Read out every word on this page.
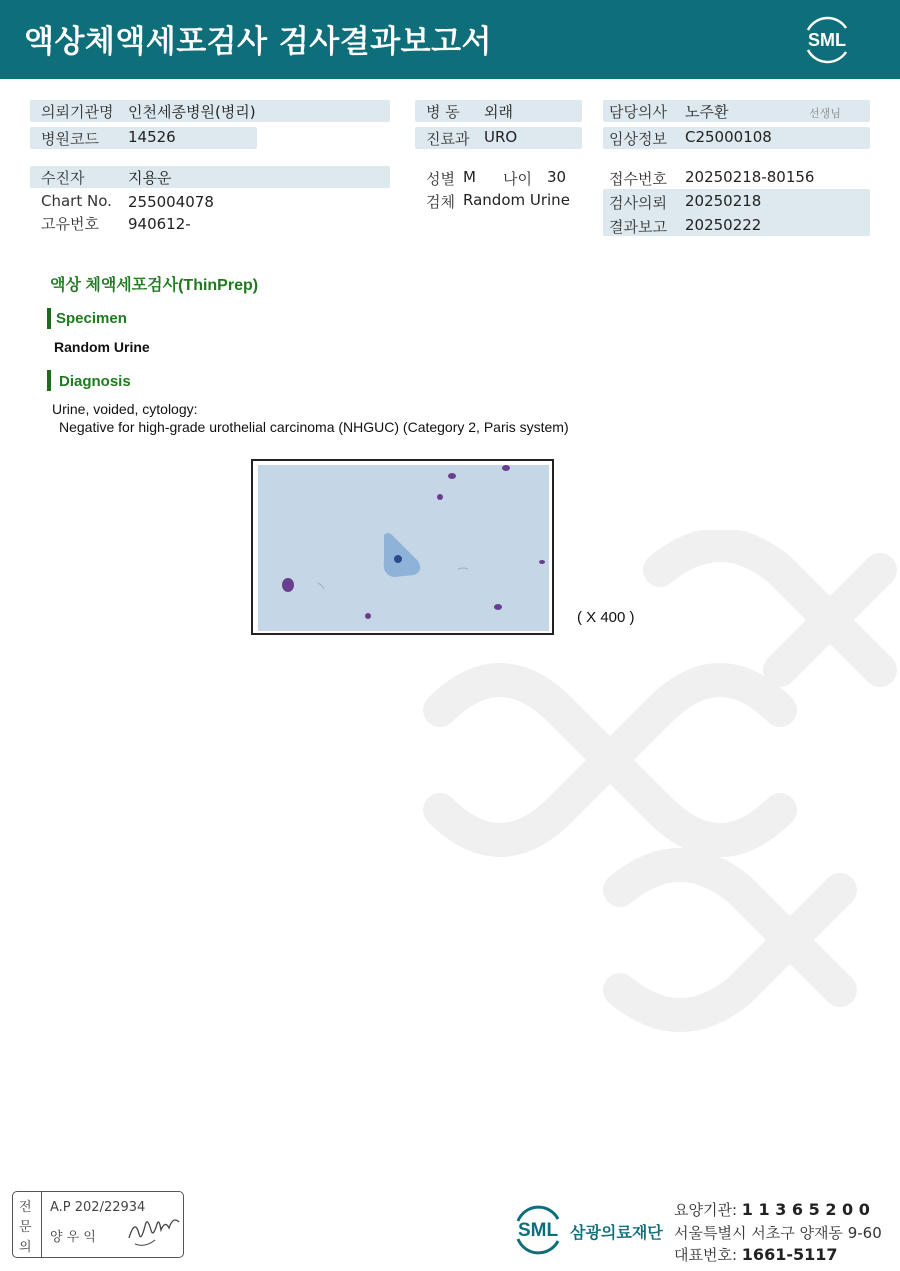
액상체액세포검사 검사결과보고서	SML
의뢰기관명 인천세종병원(병리)
병원코드 14526
수진자	지용운
Chart No. 255004078
고유번호 940612-
병 동 외래
진료과 URO
성별 M 나이 30
검체 Random Urine
담당의사 노주환	선생님
임상정보 C25000108
접수번호 20250218-80156
검사의뢰 20250218
결과보고 20250222
액상 체액세포검사(ThinPrep)
Specimen
Random Urine
Diagnosis
Urine, voided, cytology:
Negative for high-grade urothelial carcinoma (NHGUC) (Category 2, Paris system)
( X 400 )
전
문
의
A.P 202/22934
양 우 익	SML 삼광의료재단
요양기관: 1 1 3 6 5 2 0 0
서울특별시 서초구 양재동 9-60
대표번호: 1661-5117
